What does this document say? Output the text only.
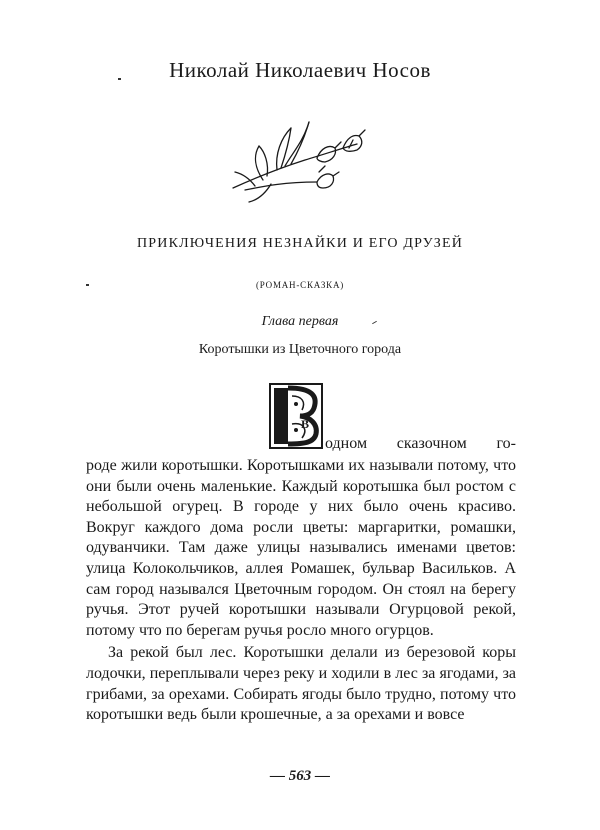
Николай Николаевич Носов
ПРИКЛЮЧЕНИЯ НЕЗНАЙКИ И ЕГО ДРУЗЕЙ
(РОМАН-СКАЗКА)
Глава первая
Коротышки из Цветочного города
В
одном сказочном го-

роде жили коротышки. Коротышками их называли потому, что они были очень маленькие. Каждый коротышка был ростом с небольшой огурец. В городе у них было очень красиво. Вокруг каждого дома росли цветы: маргаритки, ромашки, одуванчики. Там даже улицы назывались именами цветов: улица Колокольчиков, аллея Ромашек, бульвар Васильков. А сам город назывался Цветочным городом. Он стоял на берегу ручья. Этот ручей коротышки называли Огурцовой рекой, потому что по берегам ручья росло много огурцов.

За рекой был лес. Коротышки делали из березовой коры лодочки, переплывали через реку и ходили в лес за ягодами, за грибами, за орехами. Собирать ягоды было трудно, потому что коротышки ведь были крошечные, а за орехами и вовсе

— 563 —
